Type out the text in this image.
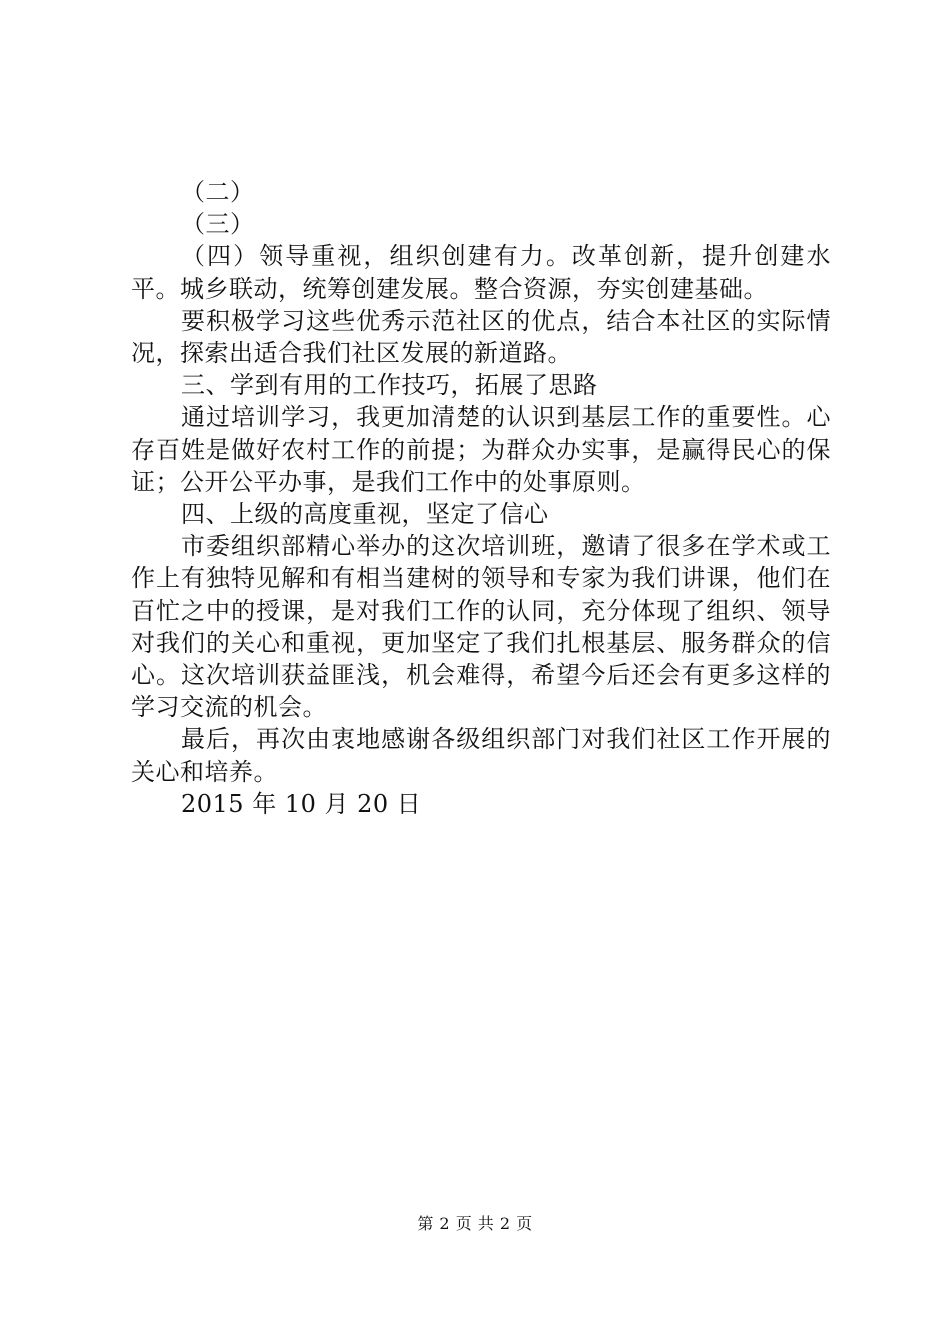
（二）

（三）

（四）领导重视，组织创建有力。改革创新，提升创建水平。城乡联动，统筹创建发展。整合资源，夯实创建基础。

要积极学习这些优秀示范社区的优点，结合本社区的实际情况，探索出适合我们社区发展的新道路。

三、学到有用的工作技巧，拓展了思路

通过培训学习，我更加清楚的认识到基层工作的重要性。心存百姓是做好农村工作的前提；为群众办实事，是赢得民心的保证；公开公平办事，是我们工作中的处事原则。

四、上级的高度重视，坚定了信心

市委组织部精心举办的这次培训班，邀请了很多在学术或工作上有独特见解和有相当建树的领导和专家为我们讲课，他们在百忙之中的授课，是对我们工作的认同，充分体现了组织、领导对我们的关心和重视，更加坚定了我们扎根基层、服务群众的信心。这次培训获益匪浅，机会难得，希望今后还会有更多这样的学习交流的机会。

最后，再次由衷地感谢各级组织部门对我们社区工作开展的关心和培养。

2015 年 10 月 20 日

第 2 页 共 2 页
